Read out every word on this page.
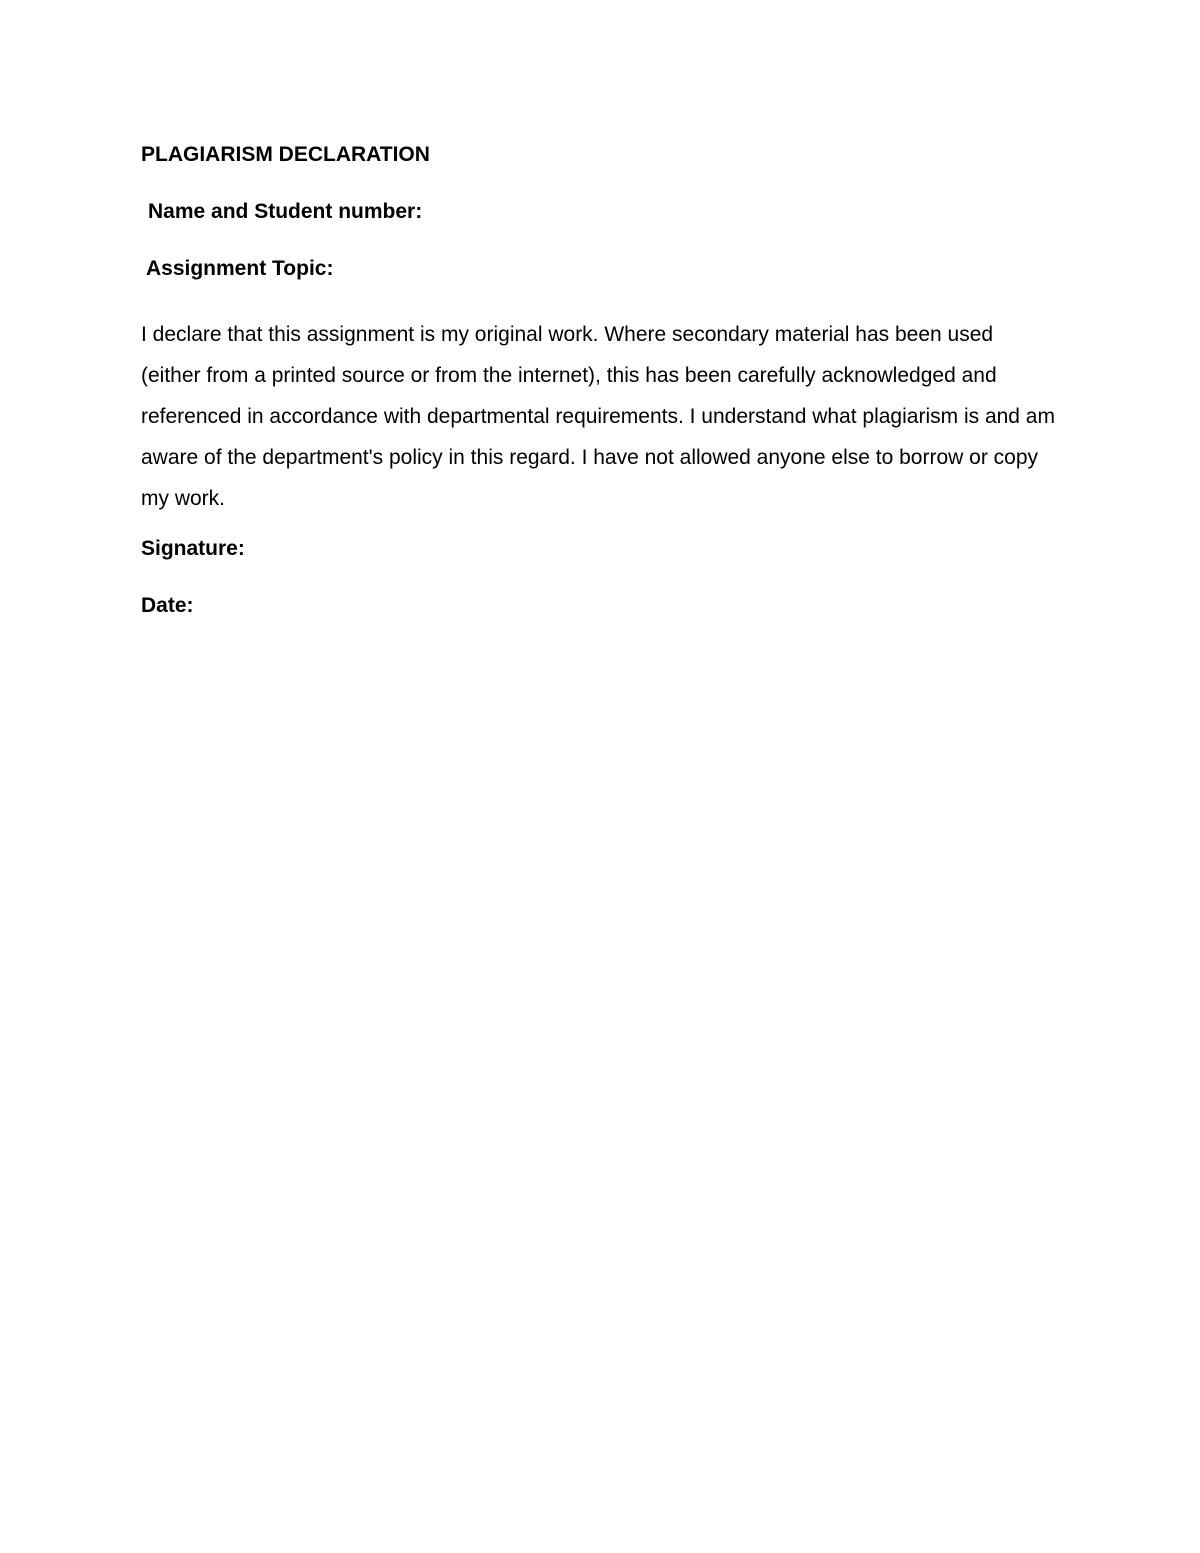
PLAGIARISM DECLARATION
Name and Student number:
Assignment Topic:

I declare that this assignment is my original work. Where secondary material has been used (either from a printed source or from the internet), this has been carefully acknowledged and referenced in accordance with departmental requirements. I understand what plagiarism is and am aware of the department's policy in this regard. I have not allowed anyone else to borrow or copy my work.

Signature:
Date:
